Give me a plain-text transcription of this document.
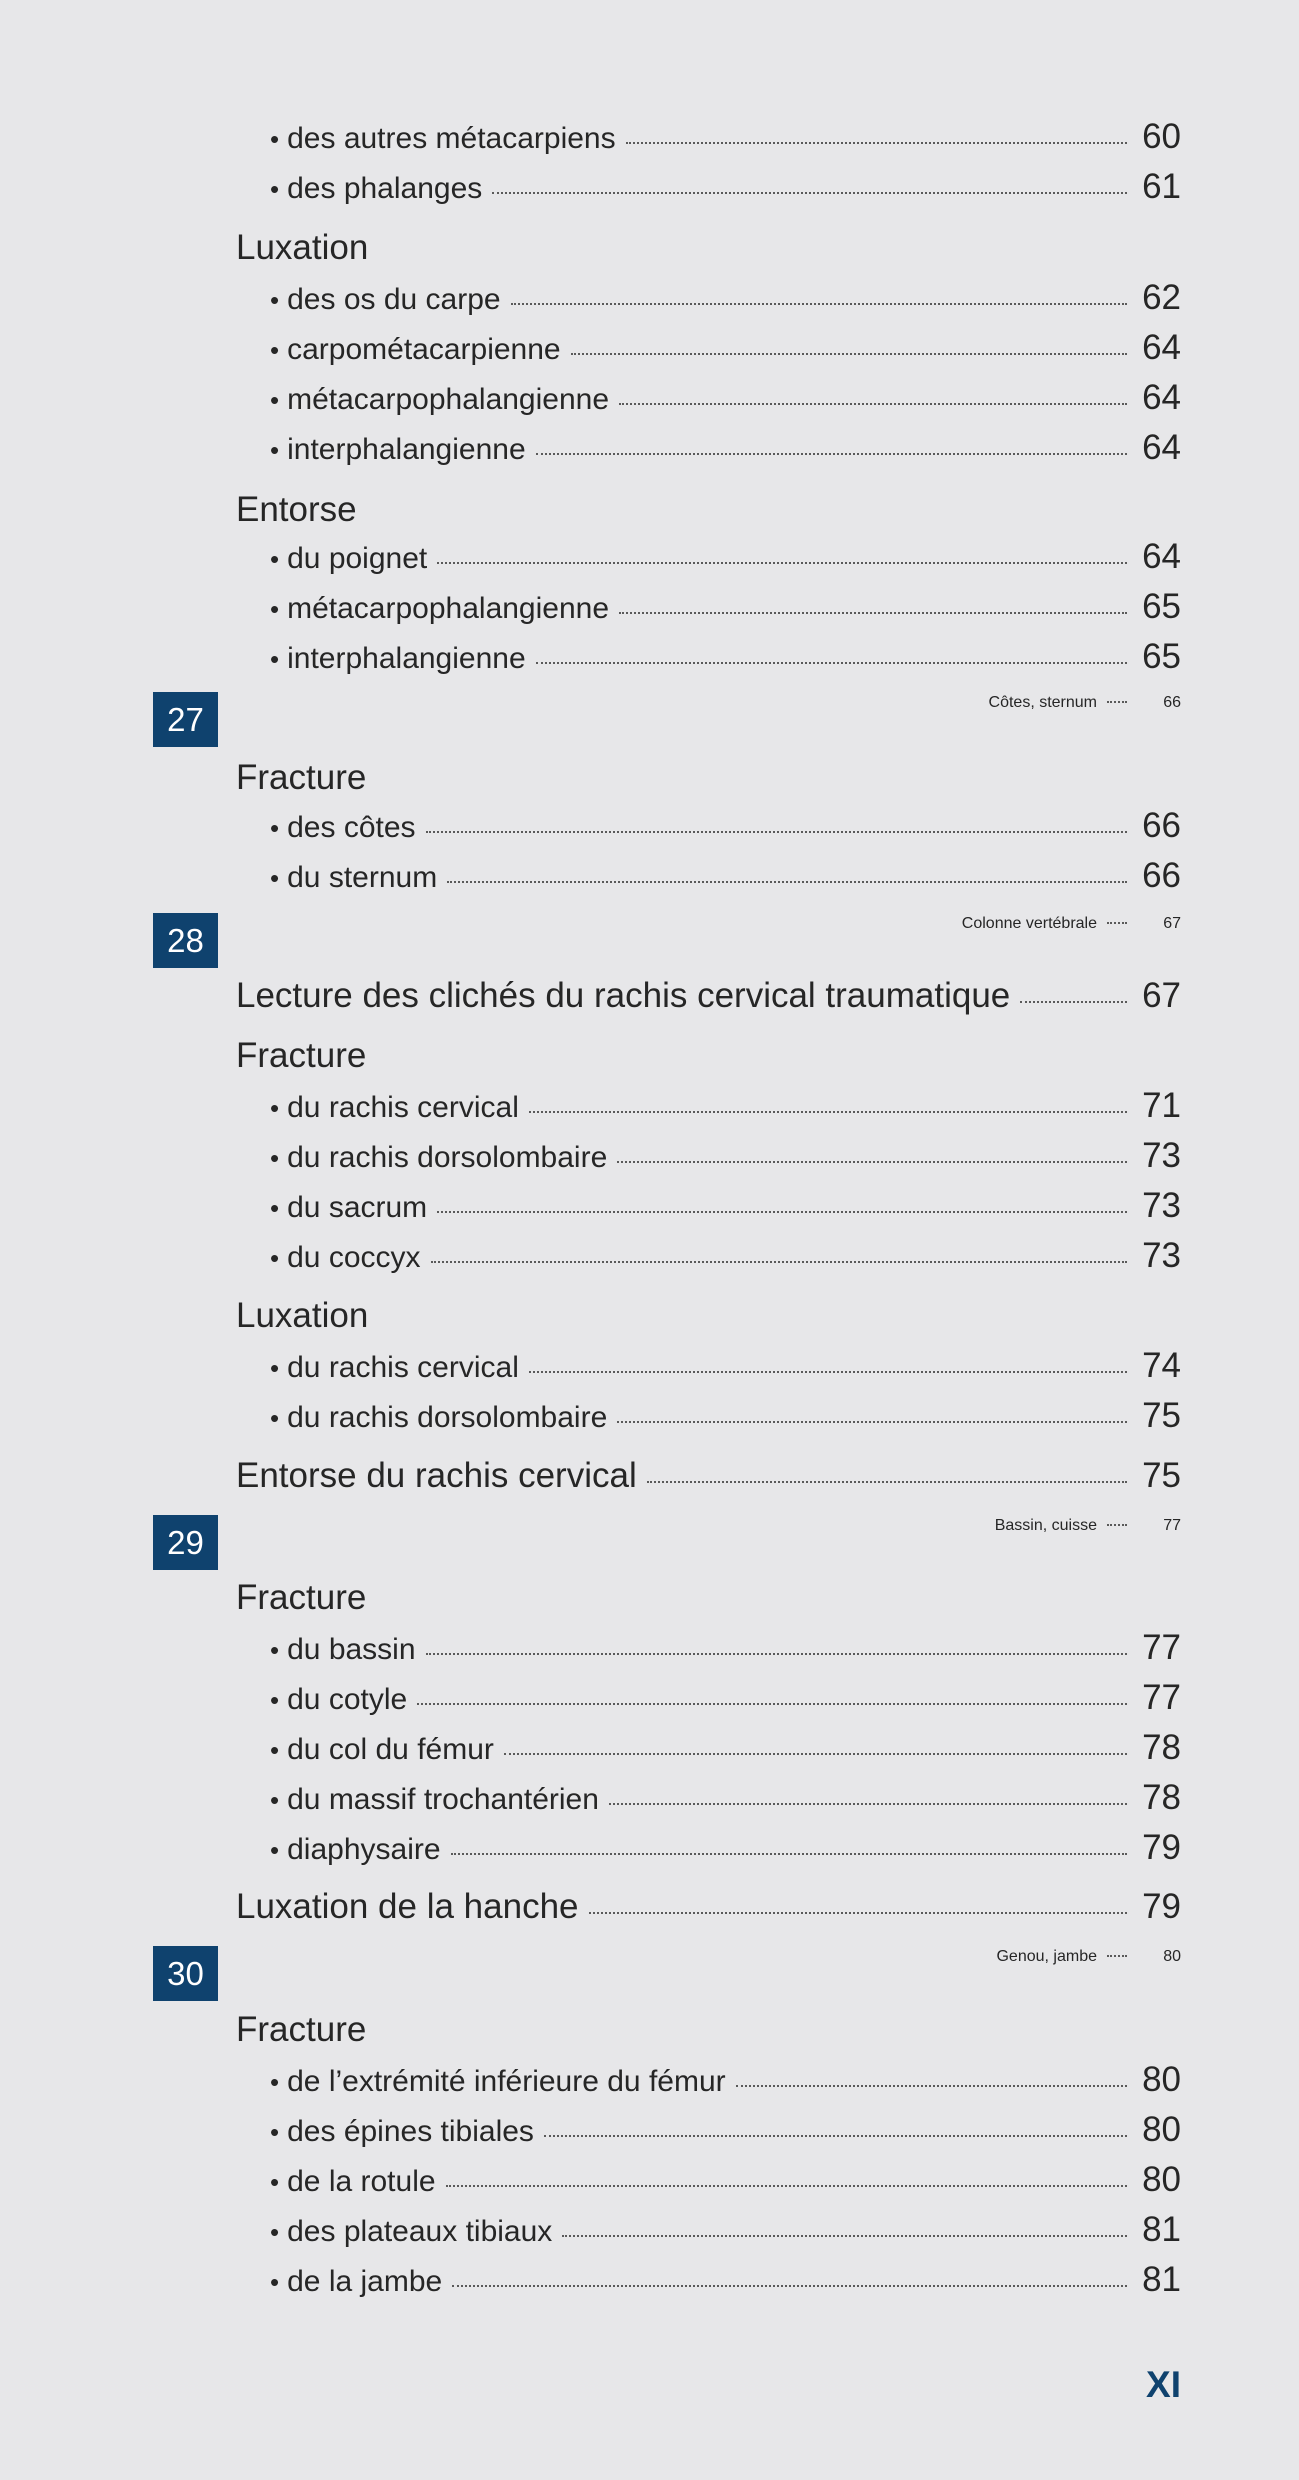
• des autres métacarpiens	60
• des phalanges	61
Luxation
• des os du carpe	62
• carpométacarpienne	64
• métacarpophalangienne	64
• interphalangienne	64
Entorse
• du poignet	64
• métacarpophalangienne	65
• interphalangienne	65
27	Côtes, sternum	66
Fracture
• des côtes	66
• du sternum	66
28	Colonne vertébrale	67
Lecture des clichés du rachis cervical traumatique	67
Fracture
• du rachis cervical	71
• du rachis dorsolombaire	73
• du sacrum	73
• du coccyx	73
Luxation
• du rachis cervical	74
• du rachis dorsolombaire	75
Entorse du rachis cervical	75
29	Bassin, cuisse	77
Fracture
• du bassin	77
• du cotyle	77
• du col du fémur	78
• du massif trochantérien	78
• diaphysaire	79
Luxation de la hanche	79
30	Genou, jambe	80
Fracture
• de l’extrémité inférieure du fémur	80
• des épines tibiales	80
• de la rotule	80
• des plateaux tibiaux	81
• de la jambe	81
XI
